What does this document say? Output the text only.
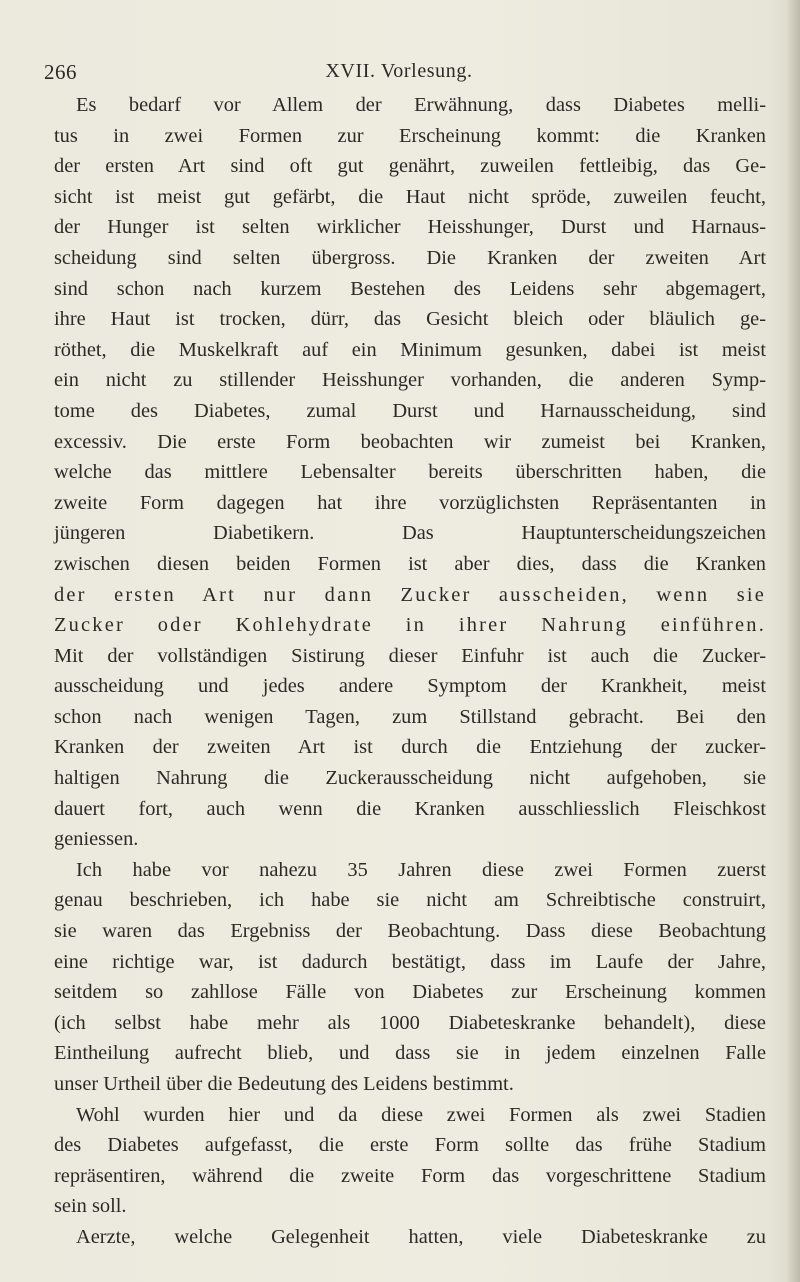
266	XVII. Vorlesung.
Es bedarf vor Allem der Erwähnung, dass Diabetes melli-
tus in zwei Formen zur Erscheinung kommt: die Kranken
der ersten Art sind oft gut genährt, zuweilen fettleibig, das Ge-
sicht ist meist gut gefärbt, die Haut nicht spröde, zuweilen feucht,
der Hunger ist selten wirklicher Heisshunger, Durst und Harnaus-
scheidung sind selten übergross. Die Kranken der zweiten Art
sind schon nach kurzem Bestehen des Leidens sehr abgemagert,
ihre Haut ist trocken, dürr, das Gesicht bleich oder bläulich ge-
röthet, die Muskelkraft auf ein Minimum gesunken, dabei ist meist
ein nicht zu stillender Heisshunger vorhanden, die anderen Symp-
tome des Diabetes, zumal Durst und Harnausscheidung, sind
excessiv. Die erste Form beobachten wir zumeist bei Kranken,
welche das mittlere Lebensalter bereits überschritten haben, die
zweite Form dagegen hat ihre vorzüglichsten Repräsentanten in
jüngeren Diabetikern. Das Hauptunterscheidungszeichen
zwischen diesen beiden Formen ist aber dies, dass die Kranken
der ersten Art nur dann Zucker ausscheiden, wenn sie
Zucker oder Kohlehydrate in ihrer Nahrung einführen.
Mit der vollständigen Sistirung dieser Einfuhr ist auch die Zucker-
ausscheidung und jedes andere Symptom der Krankheit, meist
schon nach wenigen Tagen, zum Stillstand gebracht. Bei den
Kranken der zweiten Art ist durch die Entziehung der zucker-
haltigen Nahrung die Zuckerausscheidung nicht aufgehoben, sie
dauert fort, auch wenn die Kranken ausschliesslich Fleischkost
geniessen.
Ich habe vor nahezu 35 Jahren diese zwei Formen zuerst
genau beschrieben, ich habe sie nicht am Schreibtische construirt,
sie waren das Ergebniss der Beobachtung. Dass diese Beobachtung
eine richtige war, ist dadurch bestätigt, dass im Laufe der Jahre,
seitdem so zahllose Fälle von Diabetes zur Erscheinung kommen
(ich selbst habe mehr als 1000 Diabeteskranke behandelt), diese
Eintheilung aufrecht blieb, und dass sie in jedem einzelnen Falle
unser Urtheil über die Bedeutung des Leidens bestimmt.
Wohl wurden hier und da diese zwei Formen als zwei Stadien
des Diabetes aufgefasst, die erste Form sollte das frühe Stadium
repräsentiren, während die zweite Form das vorgeschrittene Stadium
sein soll.
Aerzte, welche Gelegenheit hatten, viele Diabeteskranke zu
